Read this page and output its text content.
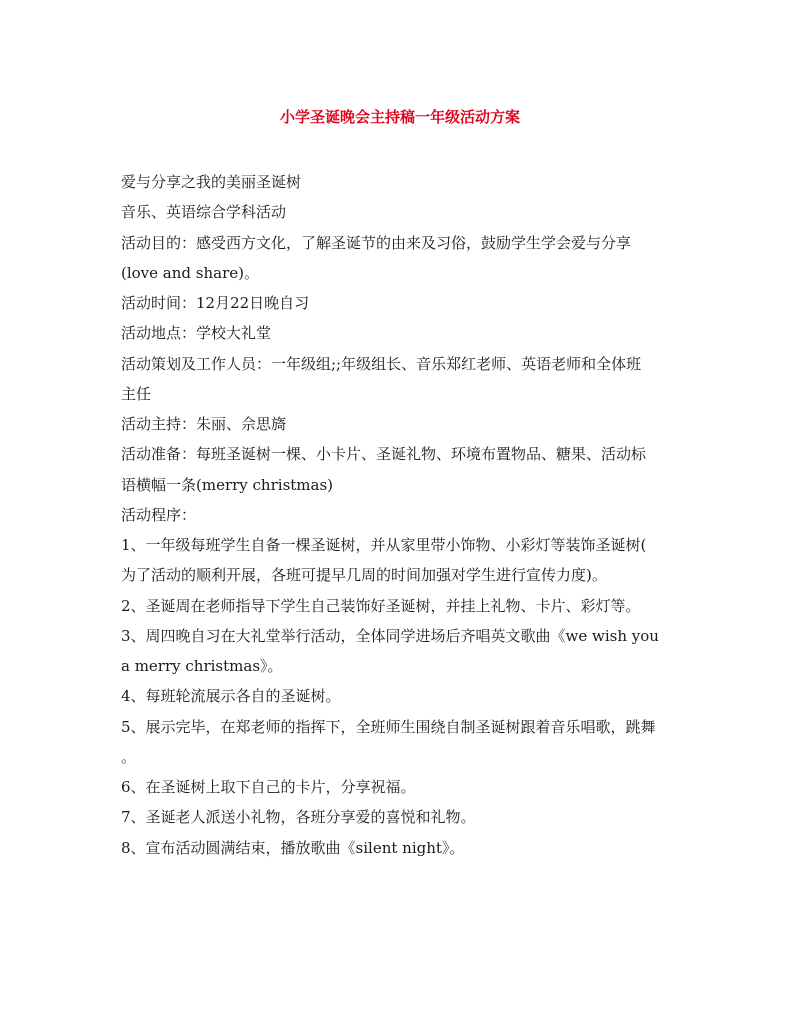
小学圣诞晚会主持稿一年级活动方案
爱与分享之我的美丽圣诞树
音乐、英语综合学科活动
活动目的：感受西方文化，了解圣诞节的由来及习俗，鼓励学生学会爱与分享
(love and share)。
活动时间：12月22日晚自习
活动地点：学校大礼堂
活动策划及工作人员：一年级组;;年级组长、音乐郑红老师、英语老师和全体班
主任
活动主持：朱丽、佘思旖
活动准备：每班圣诞树一棵、小卡片、圣诞礼物、环境布置物品、糖果、活动标
语横幅一条(merry christmas)
活动程序：
1、一年级每班学生自备一棵圣诞树，并从家里带小饰物、小彩灯等装饰圣诞树(
为了活动的顺利开展，各班可提早几周的时间加强对学生进行宣传力度)。
2、圣诞周在老师指导下学生自己装饰好圣诞树，并挂上礼物、卡片、彩灯等。
3、周四晚自习在大礼堂举行活动，全体同学进场后齐唱英文歌曲《we wish you
a merry christmas》。
4、每班轮流展示各自的圣诞树。
5、展示完毕，在郑老师的指挥下，全班师生围绕自制圣诞树跟着音乐唱歌，跳舞
。
6、在圣诞树上取下自己的卡片，分享祝福。
7、圣诞老人派送小礼物，各班分享爱的喜悦和礼物。
8、宣布活动圆满结束，播放歌曲《silent night》。
